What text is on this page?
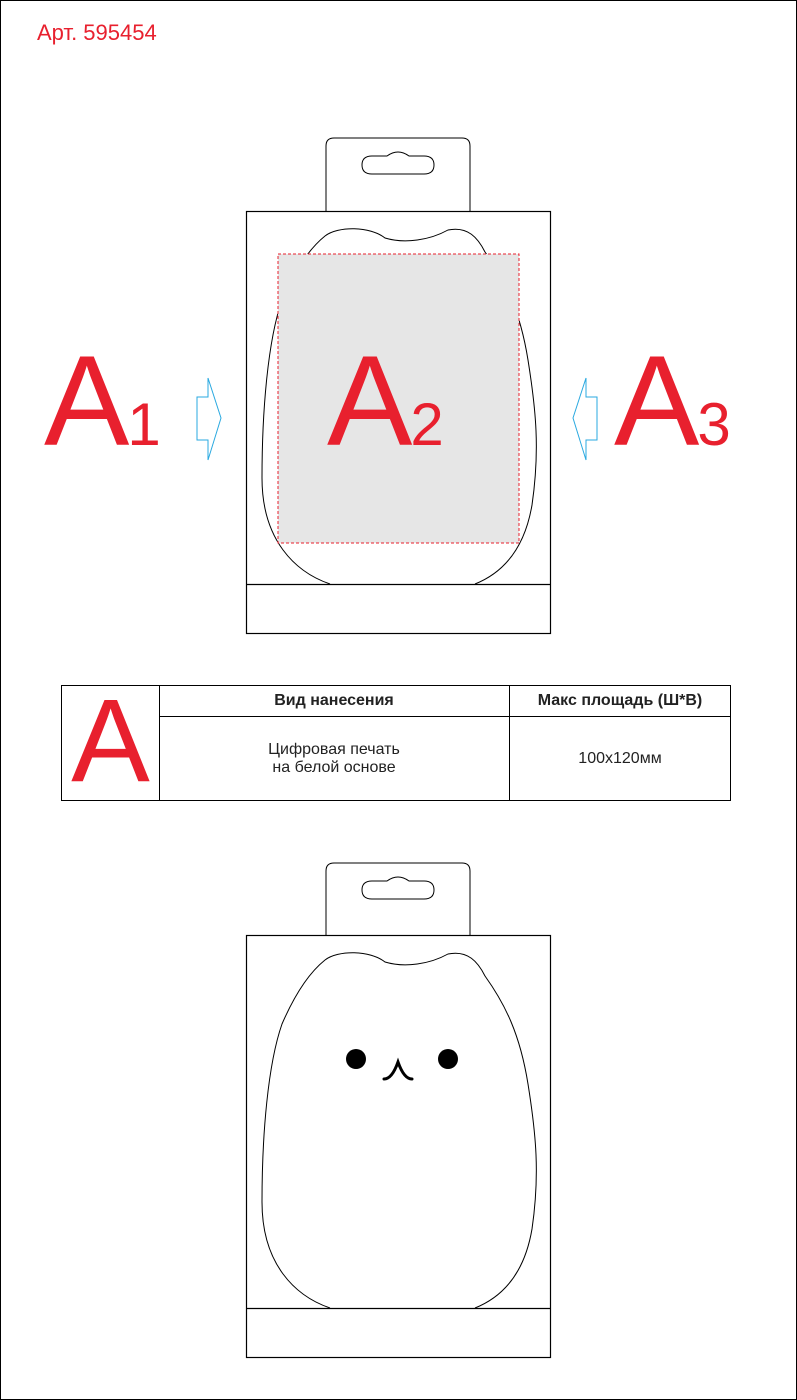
Арт. 595454
A1 A2 A3
A	Вид нанесения	Макс площадь (Ш*В)
Цифровая печать
на белой основе
100x120мм
